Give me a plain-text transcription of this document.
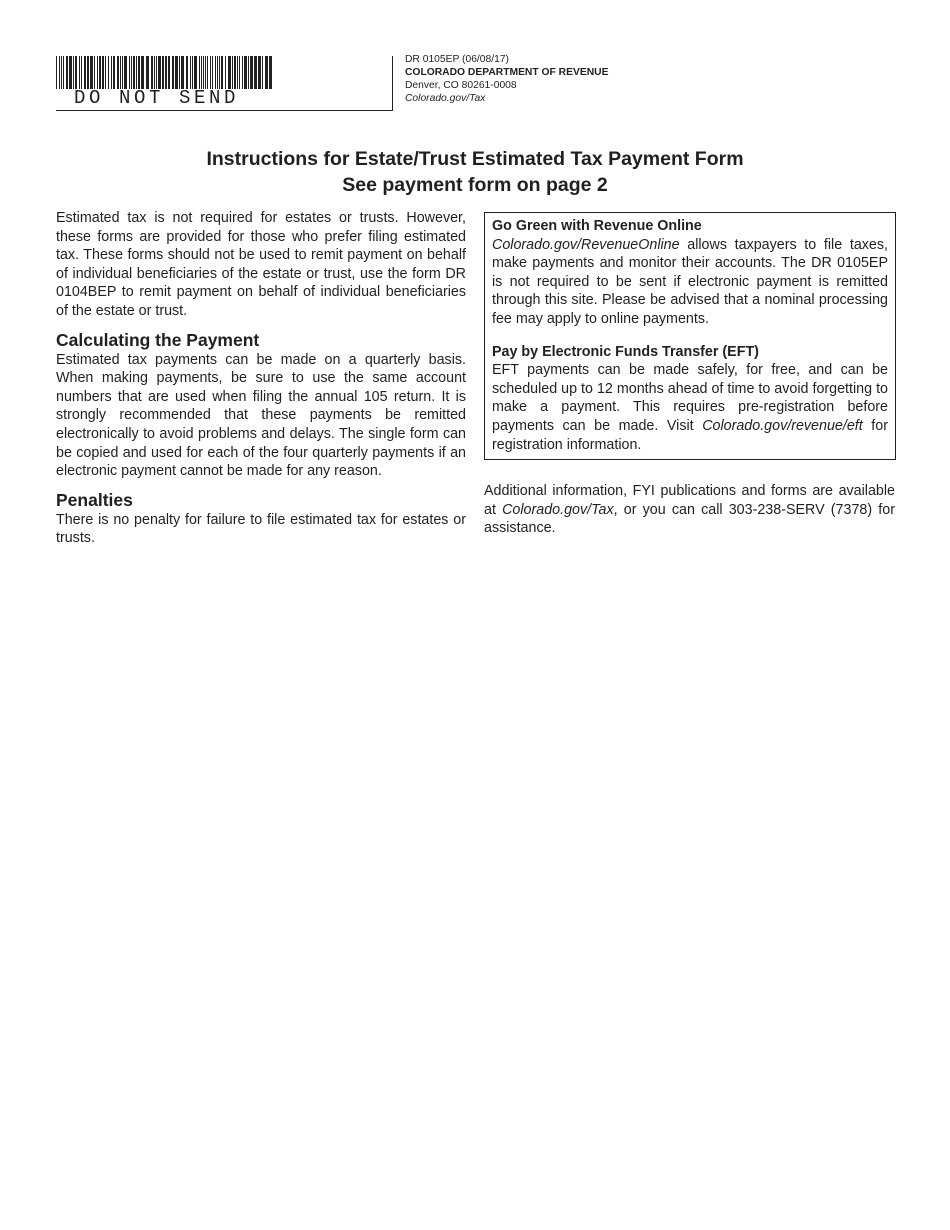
DO NOT SEND
DR 0105EP (06/08/17)
COLORADO DEPARTMENT OF REVENUE
Denver, CO 80261-0008
Colorado.gov/Tax
Instructions for Estate/Trust Estimated Tax Payment Form
See payment form on page 2

Estimated tax is not required for estates or trusts. However, these forms are provided for those who prefer filing estimated tax. These forms should not be used to remit payment on behalf of individual beneficiaries of the estate or trust, use the form DR 0104BEP to remit payment on behalf of individual beneficiaries of the estate or trust.

Calculating the Payment

Estimated tax payments can be made on a quarterly basis. When making payments, be sure to use the same account numbers that are used when filing the annual 105 return. It is strongly recommended that these payments be remitted electronically to avoid problems and delays. The single form can be copied and used for each of the four quarterly payments if an electronic payment cannot be made for any reason.

Penalties

There is no penalty for failure to file estimated tax for estates or trusts.

Go Green with Revenue Online

Colorado.gov/RevenueOnline allows taxpayers to file taxes, make payments and monitor their accounts. The DR 0105EP is not required to be sent if electronic payment is remitted through this site. Please be advised that a nominal processing fee may apply to online payments.

Pay by Electronic Funds Transfer (EFT)

EFT payments can be made safely, for free, and can be scheduled up to 12 months ahead of time to avoid forgetting to make a payment. This requires pre-registration before payments can be made. Visit Colorado.gov/revenue/eft for registration information.

Additional information, FYI publications and forms are available at Colorado.gov/Tax, or you can call 303-238-SERV (7378) for assistance.
